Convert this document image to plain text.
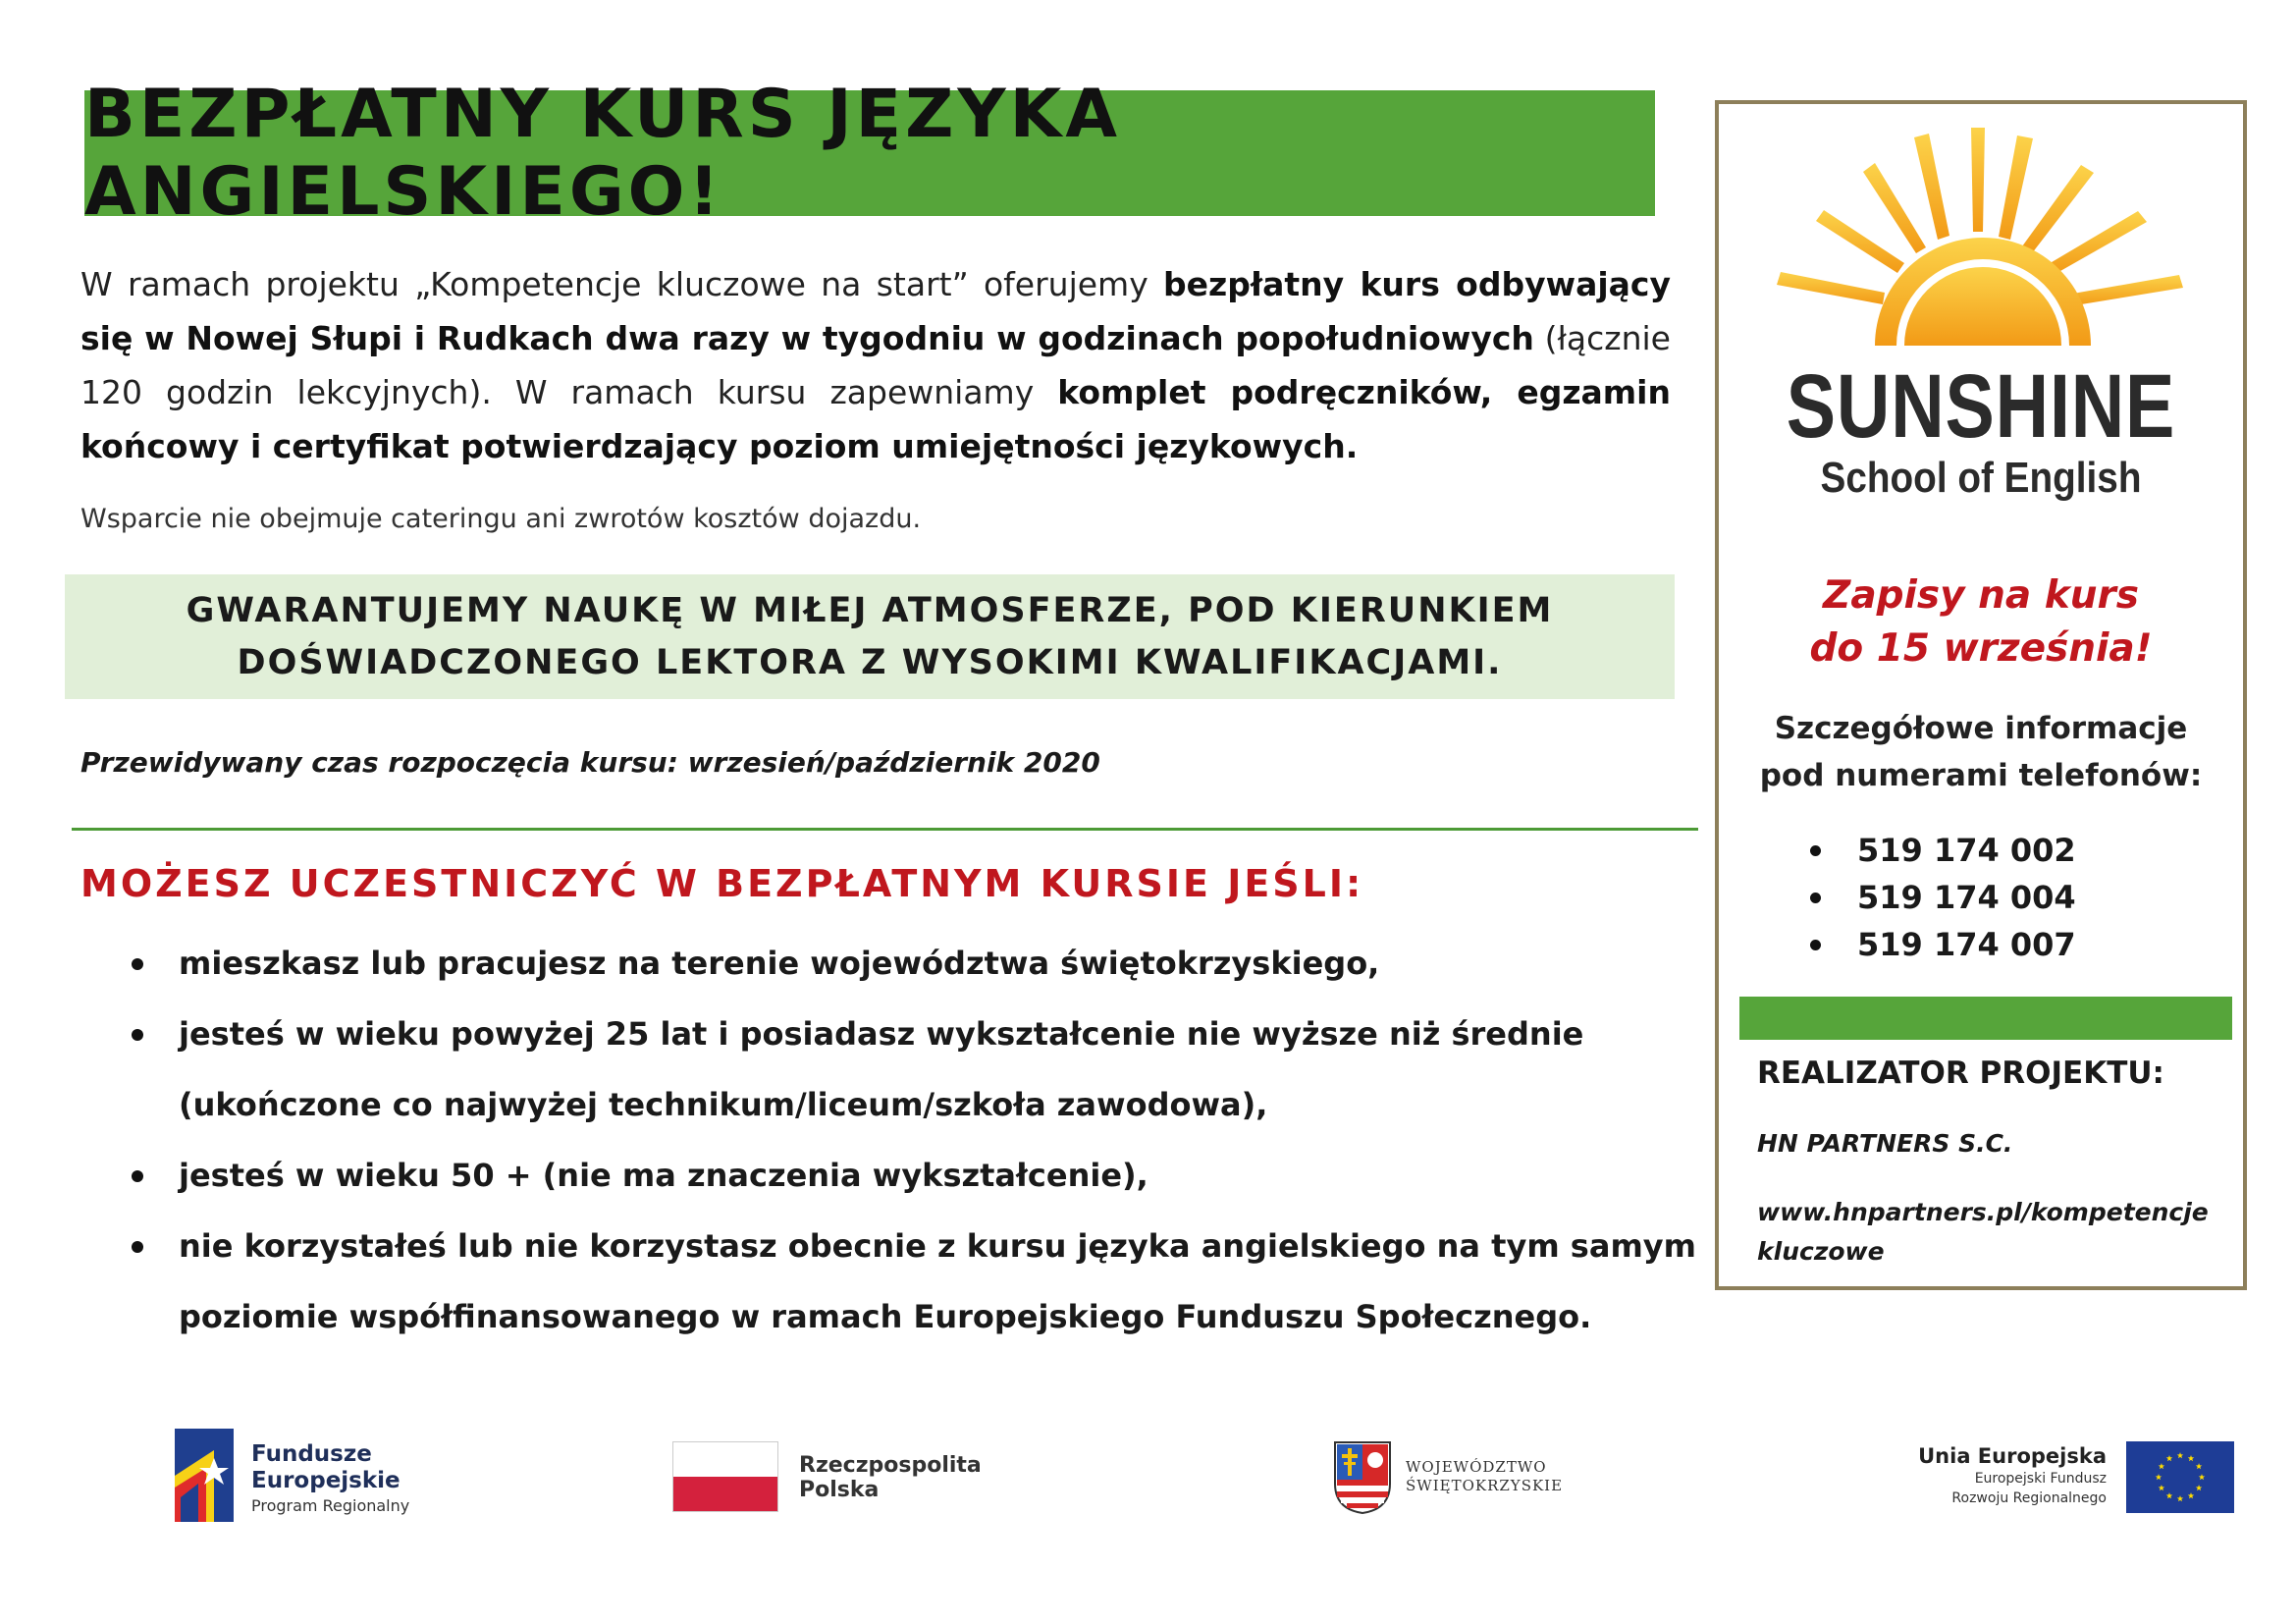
BEZPŁATNY KURS JĘZYKA ANGIELSKIEGO!
W ramach projektu „Kompetencje kluczowe na start” oferujemy bezpłatny kurs odbywający się w Nowej Słupi i Rudkach dwa razy w tygodniu w godzinach popołudniowych (łącznie 120 godzin lekcyjnych). W ramach kursu zapewniamy komplet podręczników, egzamin końcowy i certyfikat potwierdzający poziom umiejętności językowych.
Wsparcie nie obejmuje cateringu ani zwrotów kosztów dojazdu.

GWARANTUJEMY NAUKĘ W MIŁEJ ATMOSFERZE, POD KIERUNKIEM
DOŚWIADCZONEGO LEKTORA Z WYSOKIMI KWALIFIKACJAMI.

Przewidywany czas rozpoczęcia kursu: wrzesień/październik 2020
MOŻESZ UCZESTNICZYĆ W BEZPŁATNYM KURSIE JEŚLI:
mieszkasz lub pracujesz na terenie województwa świętokrzyskiego,
jesteś w wieku powyżej 25 lat i posiadasz wykształcenie nie wyższe niż średnie (ukończone co najwyżej technikum/liceum/szkoła zawodowa),
jesteś w wieku 50 + (nie ma znaczenia wykształcenie),
nie korzystałeś lub nie korzystasz obecnie z kursu języka angielskiego na tym samym poziomie współfinansowanego w ramach Europejskiego Funduszu Społecznego.
SUNSHINE
School of English
Zapisy na kurs
do 15 września!
Szczegółowe informacje
pod numerami telefonów:
519 174 002
519 174 004
519 174 007
REALIZATOR PROJEKTU:
HN PARTNERS S.C.
www.hnpartners.pl/kompetencje kluczowe
Fundusze
Europejskie
Program Regionalny
Rzeczpospolita
Polska
WOJEWÓDZTWO
ŚWIĘTOKRZYSKIE
Unia Europejska
Europejski Fundusz
Rozwoju Regionalnego
